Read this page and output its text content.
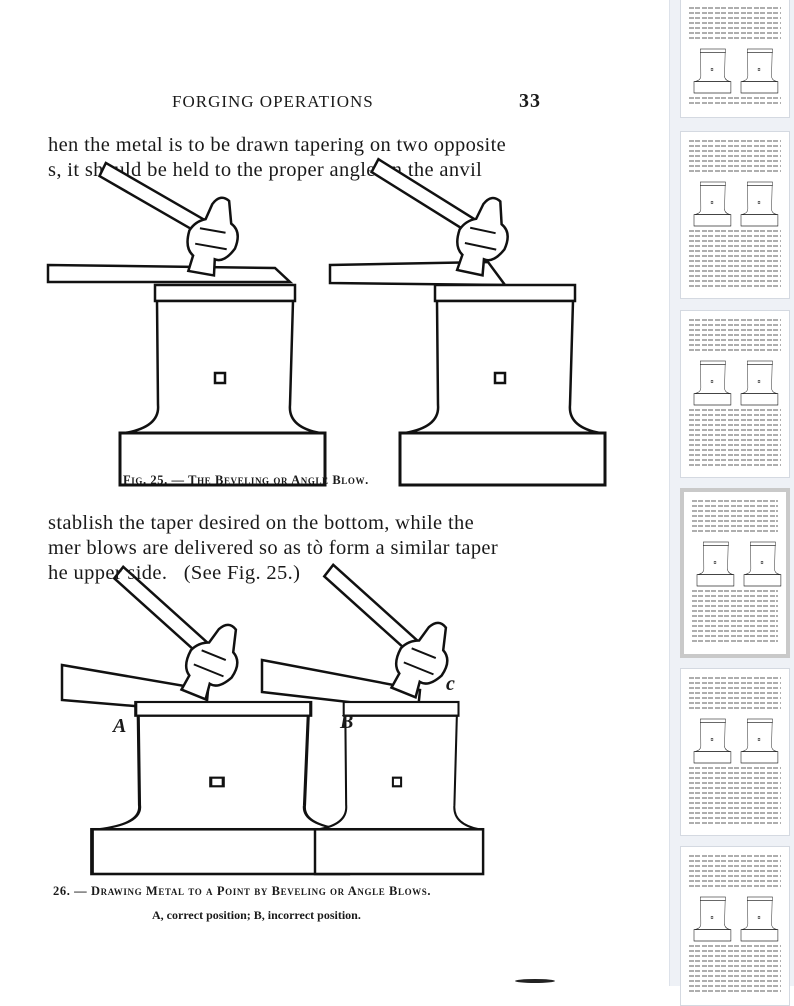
FORGING OPERATIONS	33
hen the metal is to be drawn tapering on two opposite
s, it should be held to the proper angle on the anvil
Fig. 25. — The Beveling or Angle Blow.
stablish the taper desired on the bottom, while the
mer blows are delivered so as tò form a similar taper
he upper side.   (See Fig. 25.)
A	B
c
26. — Drawing Metal to a Point by Beveling or Angle Blows.
A, correct position; B, incorrect position.
